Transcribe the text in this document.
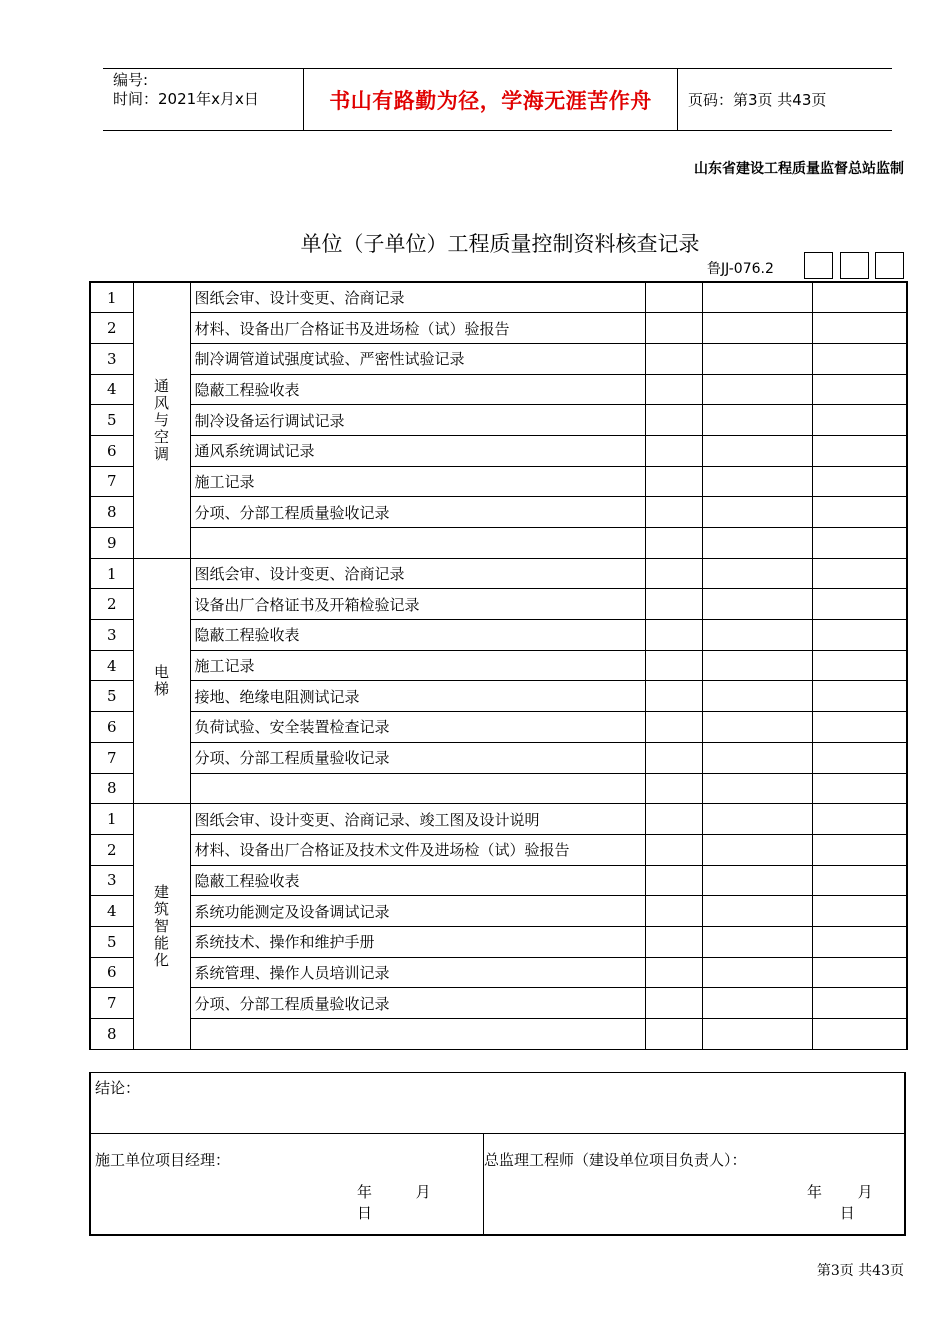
编号:
时间：2021年x月x日	书山有路勤为径，学海无涯苦作舟	页码：第3页 共43页
山东省建设工程质量监督总站监制
单位（子单位）工程质量控制资料核查记录
鲁JJ-076.2
1	通风与空调	图纸会审、设计变更、洽商记录			
2		材料、设备出厂合格证书及进场检（试）验报告			
3		制冷调管道试强度试验、严密性试验记录			
4		隐蔽工程验收表			
5		制冷设备运行调试记录			
6		通风系统调试记录			
7		施工记录			
8		分项、分部工程质量验收记录			
9					
1	电梯	图纸会审、设计变更、洽商记录			
2		设备出厂合格证书及开箱检验记录			
3		隐蔽工程验收表			
4		施工记录			
5		接地、绝缘电阻测试记录			
6		负荷试验、安全装置检查记录			
7		分项、分部工程质量验收记录			
8					
1	建筑智能化	图纸会审、设计变更、洽商记录、竣工图及设计说明			
2		材料、设备出厂合格证及技术文件及进场检（试）验报告			
3		隐蔽工程验收表			
4		系统功能测定及设备调试记录			
5		系统技术、操作和维护手册			
6		系统管理、操作人员培训记录			
7		分项、分部工程质量验收记录			
8					
结论：
施工单位项目经理：
年	月  日
总监理工程师（建设单位项目负责人）：
年 月  日
第3页 共43页
